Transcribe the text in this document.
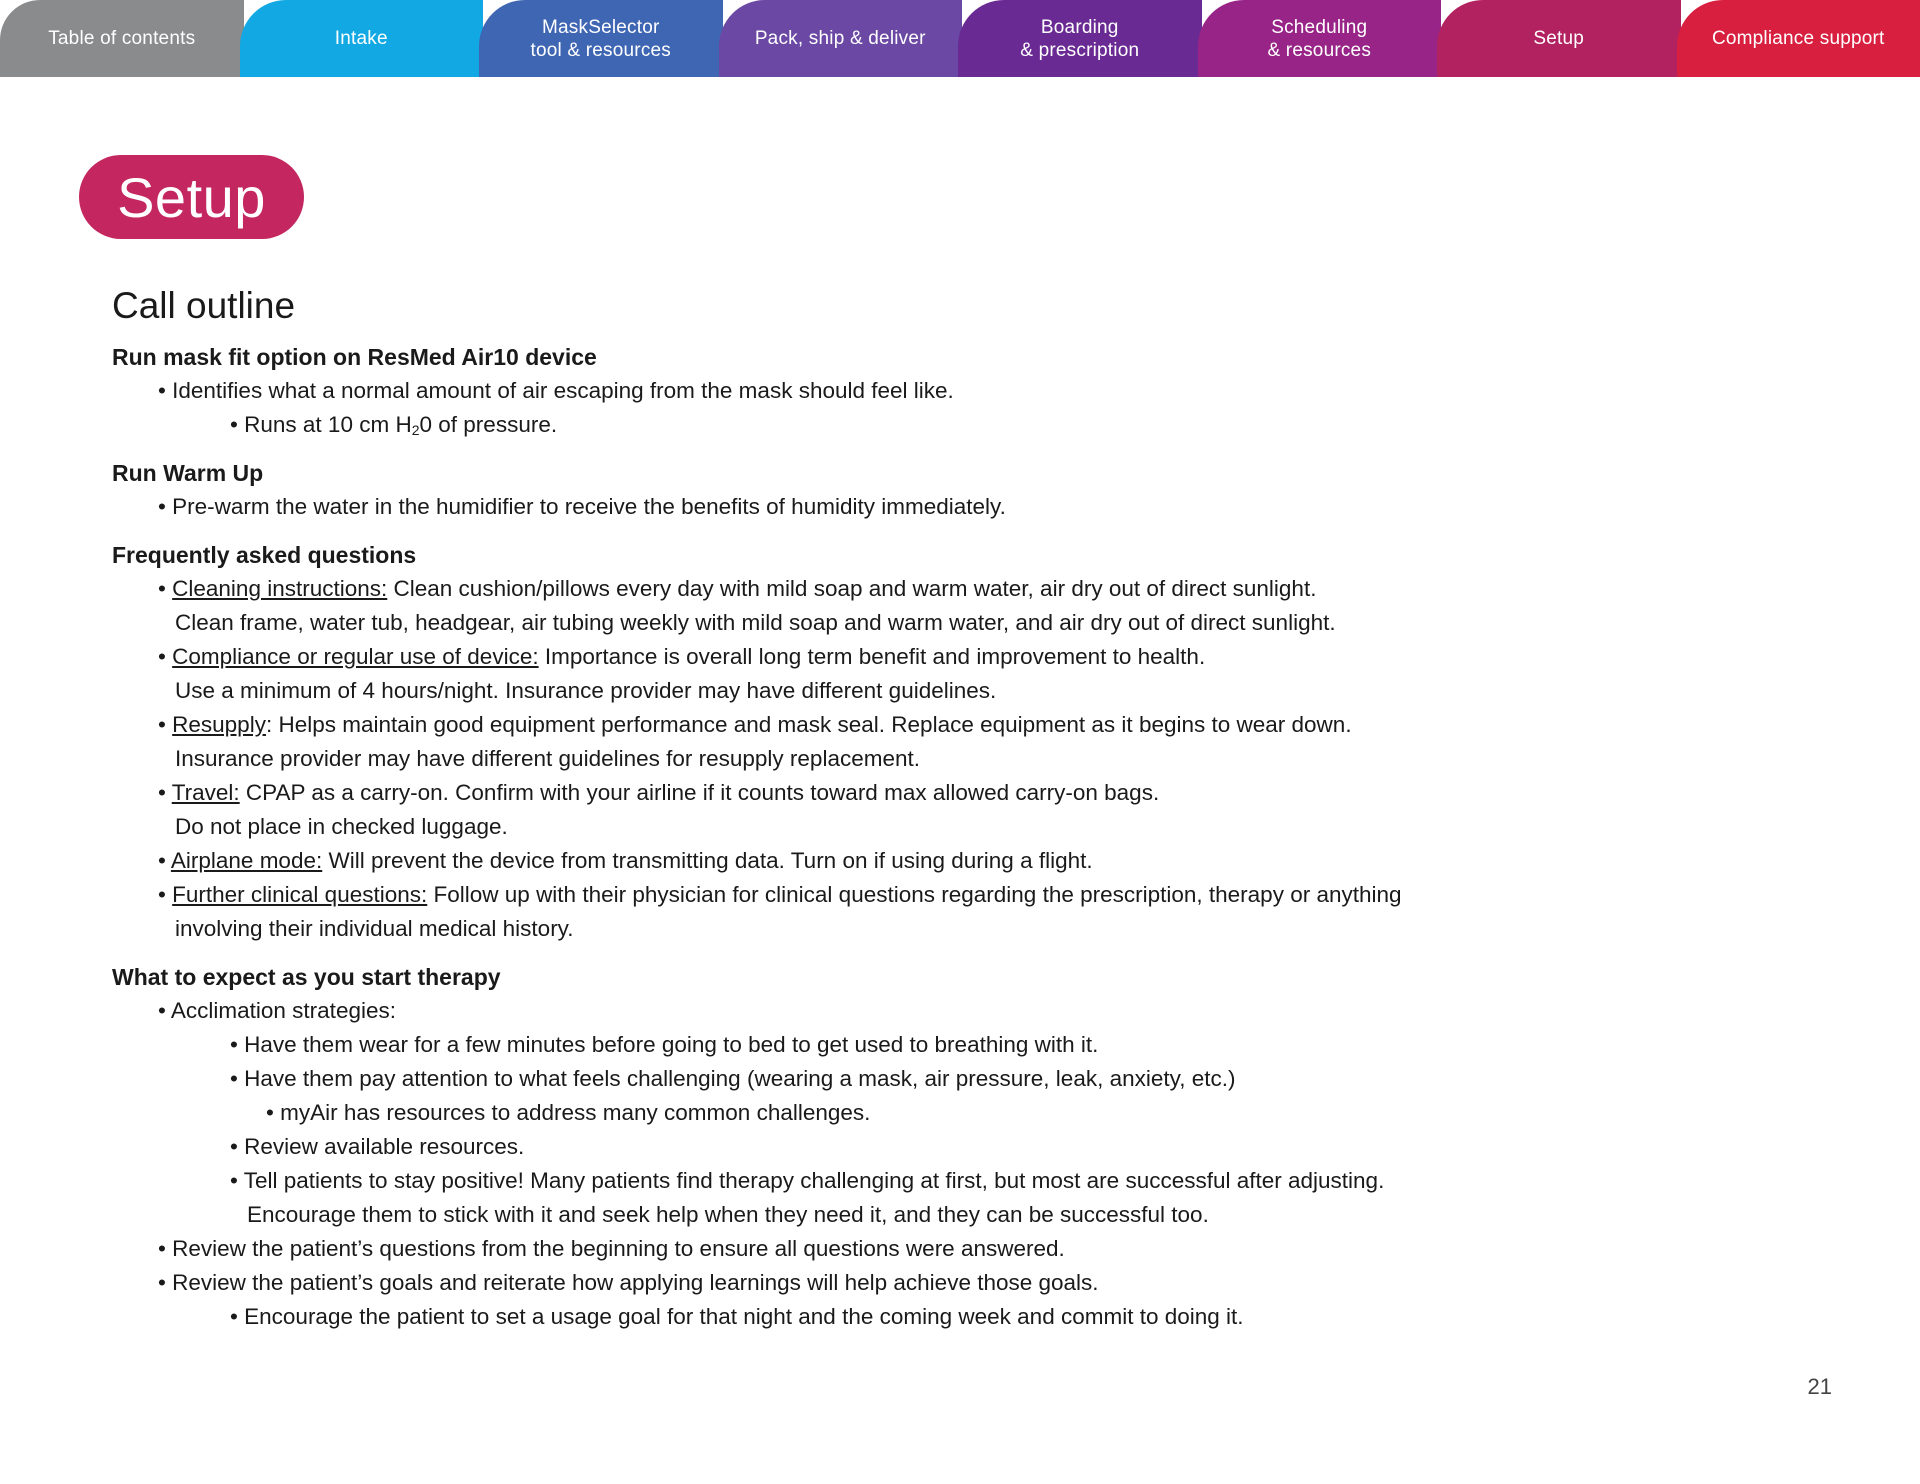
Table of contents	Intake
MaskSelector
tool & resources
Pack, ship & deliver
Boarding
& prescription
Scheduling
& resources
Setup	Compliance support
Setup
Call outline

Run mask fit option on ResMed Air10 device

• Identifies what a normal amount of air escaping from the mask should feel like.

• Runs at 10 cm $H_20$ of pressure.

Run Warm Up

• Pre-warm the water in the humidifier to receive the benefits of humidity immediately.

Frequently asked questions

• Cleaning instructions: Clean cushion/pillows every day with mild soap and warm water, air dry out of direct sunlight.

Clean frame, water tub, headgear, air tubing weekly with mild soap and warm water, and air dry out of direct sunlight.

• Compliance or regular use of device: Importance is overall long term benefit and improvement to health.

Use a minimum of 4 hours/night. Insurance provider may have different guidelines.

• Resupply: Helps maintain good equipment performance and mask seal. Replace equipment as it begins to wear down.

Insurance provider may have different guidelines for resupply replacement.

• Travel: CPAP as a carry-on. Confirm with your airline if it counts toward max allowed carry-on bags.

Do not place in checked luggage.

• Airplane mode: Will prevent the device from transmitting data. Turn on if using during a flight.

• Further clinical questions: Follow up with their physician for clinical questions regarding the prescription, therapy or anything

involving their individual medical history.

What to expect as you start therapy

• Acclimation strategies:

• Have them wear for a few minutes before going to bed to get used to breathing with it.

• Have them pay attention to what feels challenging (wearing a mask, air pressure, leak, anxiety, etc.)

• myAir has resources to address many common challenges.

• Review available resources.

• Tell patients to stay positive! Many patients find therapy challenging at first, but most are successful after adjusting.

Encourage them to stick with it and seek help when they need it, and they can be successful too.

• Review the patient’s questions from the beginning to ensure all questions were answered.

• Review the patient’s goals and reiterate how applying learnings will help achieve those goals.

• Encourage the patient to set a usage goal for that night and the coming week and commit to doing it.

21
